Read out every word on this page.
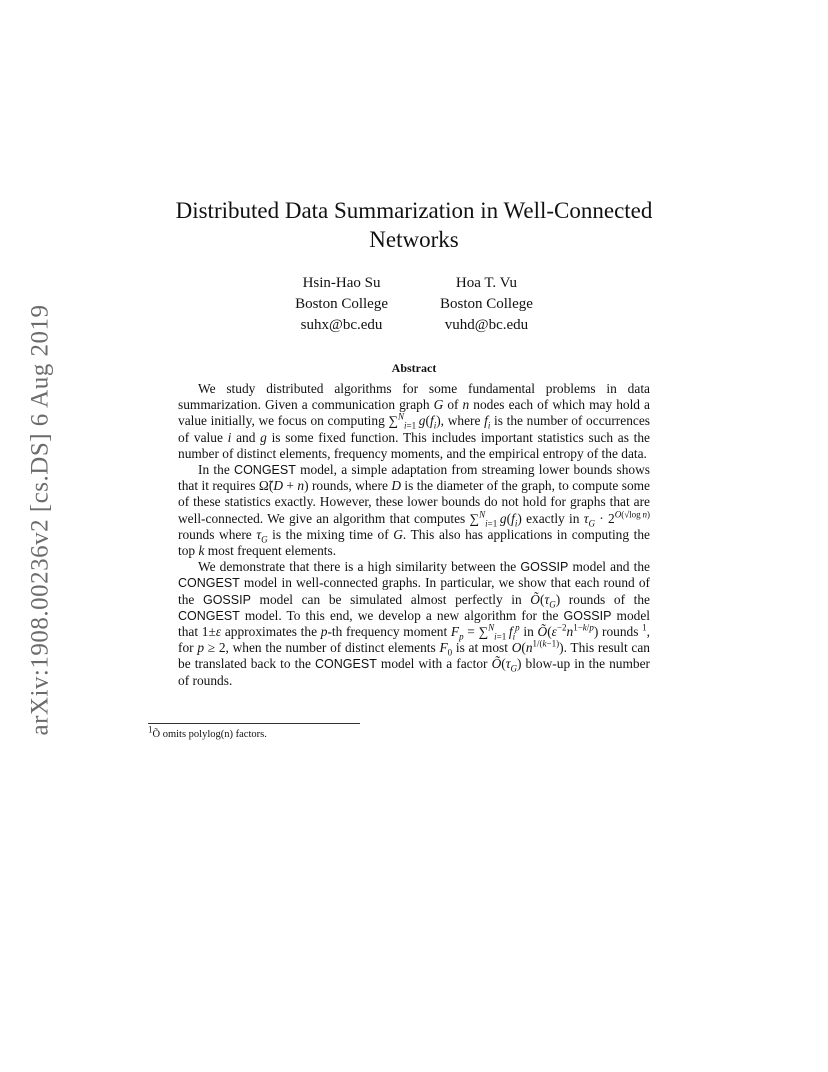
arXiv:1908.00236v2 [cs.DS] 6 Aug 2019
Distributed Data Summarization in Well-Connected Networks
Hsin-Hao Su
Boston College
suhx@bc.edu
Hoa T. Vu
Boston College
vuhd@bc.edu
Abstract

We study distributed algorithms for some fundamental problems in data summarization. Given a communication graph G of n nodes each of which may hold a value initially, we focus on computing ∑$^N_{i=1}$  $g(f_i)$, where $f_i$ is the number of occurrences of value i and g is some fixed function. This includes important statistics such as the number of distinct elements, frequency moments, and the empirical entropy of the data.

In the CONGEST model, a simple adaptation from streaming lower bounds shows that it requires Ω̃(D + n) rounds, where D is the diameter of the graph, to compute some of these statistics exactly. However, these lower bounds do not hold for graphs that are well-connected. We give an algorithm that computes ∑$^N_{i=1}$  $g(f_i)$ exactly in $\tau_G \cdot 2^{O(√log n)}$ rounds where $\tau_G$ is the mixing time of G. This also has applications in computing the top k most frequent elements.

We demonstrate that there is a high similarity between the GOSSIP model and the CONGEST model in well-connected graphs. In particular, we show that each round of the GOSSIP model can be simulated almost perfectly in $Õ(\tau_G)$ rounds of the CONGEST model. To this end, we develop a new algorithm for the GOSSIP model that 1±ε approximates the p-th frequency moment $F_p = \sum^N_{i=1}$  $f_i^p$ in $Õ(\varepsilon^{-2}n^{1-k/p})$ rounds $^1$, for p ≥ 2, when the number of distinct elements $F_0$ is at most $O(n^{1/(k-1)})$. This result can be translated back to the CONGEST model with a factor $Õ(\tau_G)$ blow-up in the number of rounds.

$^1$Õ omits polylog(n) factors.
